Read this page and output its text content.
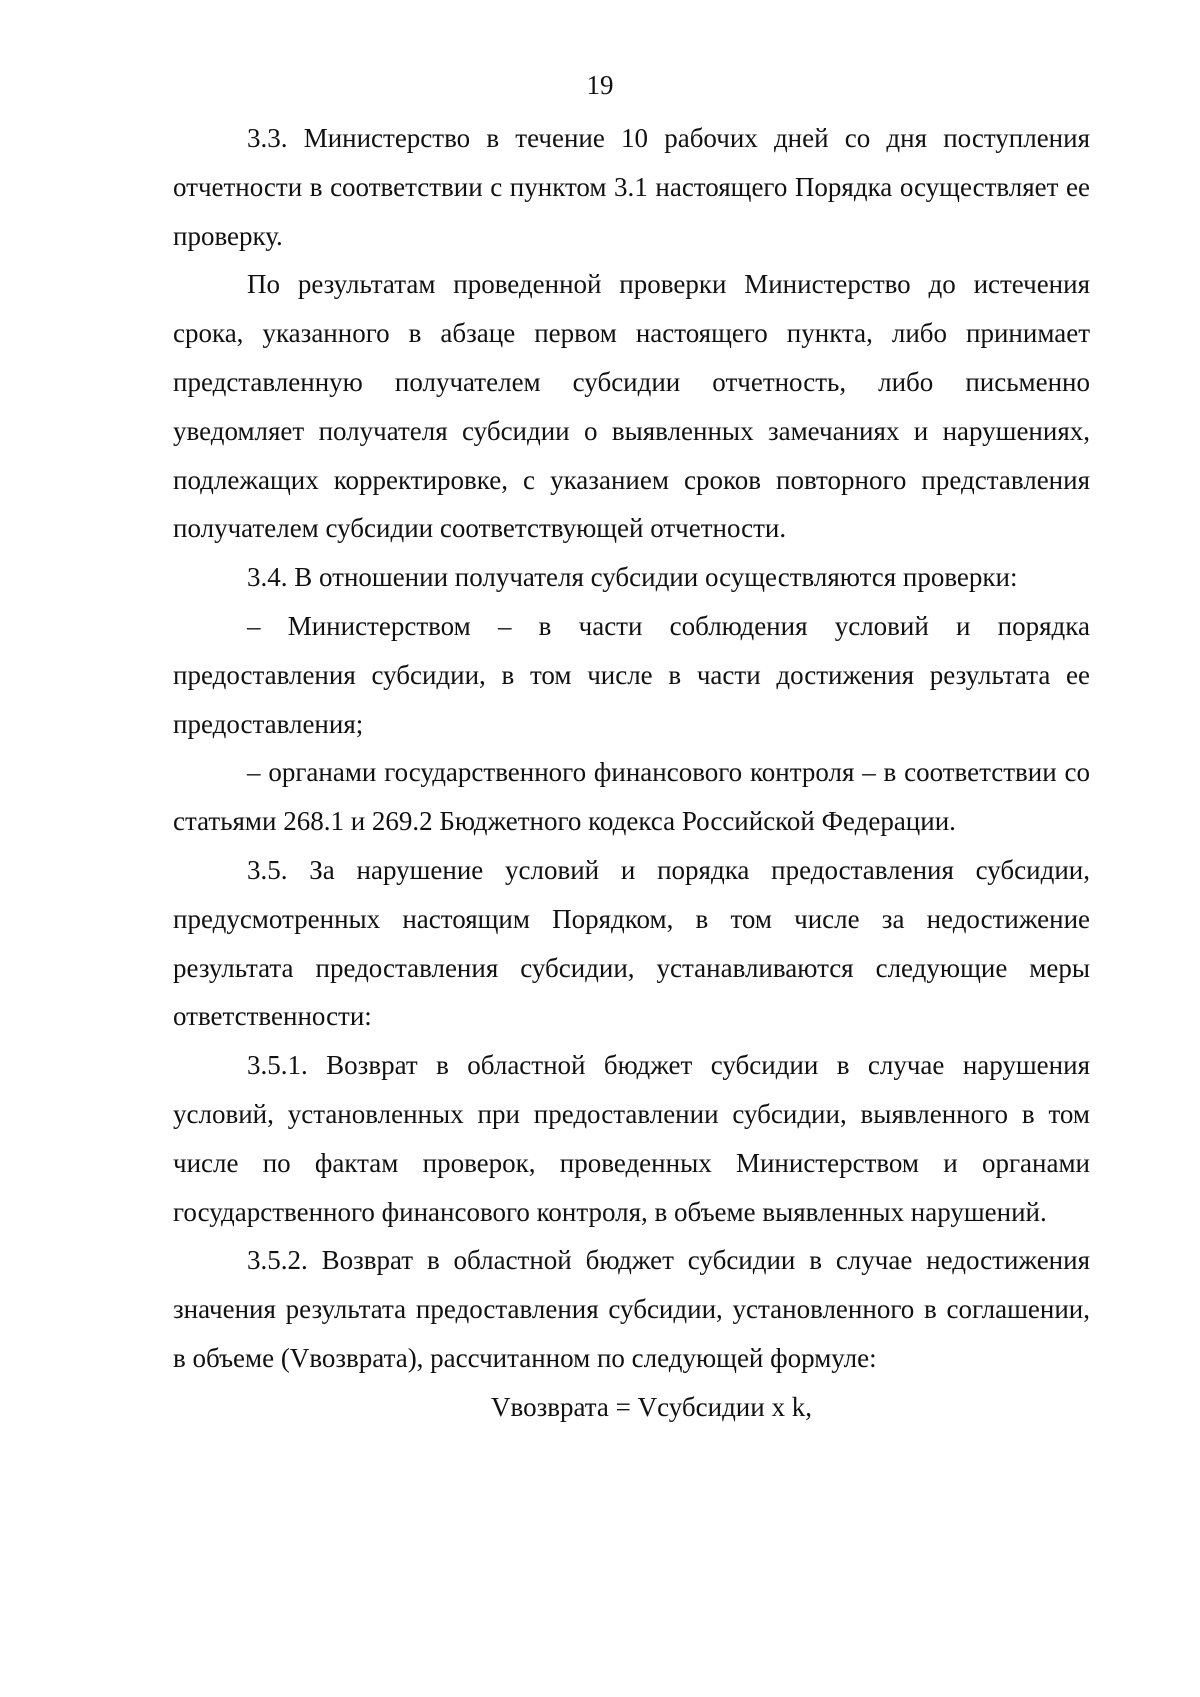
19

3.3. Министерство в течение 10 рабочих дней со дня поступления отчетности в соответствии с пунктом 3.1 настоящего Порядка осуществляет ее проверку.

По результатам проведенной проверки Министерство до истечения срока, указанного в абзаце первом настоящего пункта, либо принимает представленную получателем субсидии отчетность, либо письменно уведомляет получателя субсидии о выявленных замечаниях и нарушениях, подлежащих корректировке, с указанием сроков повторного представления получателем субсидии соответствующей отчетности.

3.4. В отношении получателя субсидии осуществляются проверки:

– Министерством – в части соблюдения условий и порядка предоставления субсидии, в том числе в части достижения результата ее предоставления;

– органами государственного финансового контроля – в соответствии со статьями 268.1 и 269.2 Бюджетного кодекса Российской Федерации.

3.5. За нарушение условий и порядка предоставления субсидии, предусмотренных настоящим Порядком, в том числе за недостижение результата предоставления субсидии, устанавливаются следующие меры ответственности:

3.5.1. Возврат в областной бюджет субсидии в случае нарушения условий, установленных при предоставлении субсидии, выявленного в том числе по фактам проверок, проведенных Министерством и органами государственного финансового контроля, в объеме выявленных нарушений.

3.5.2. Возврат в областной бюджет субсидии в случае недостижения значения результата предоставления субсидии, установленного в соглашении, в объеме (Vвозврата), рассчитанном по следующей формуле:

Vвозврата = Vсубсидии x k,
